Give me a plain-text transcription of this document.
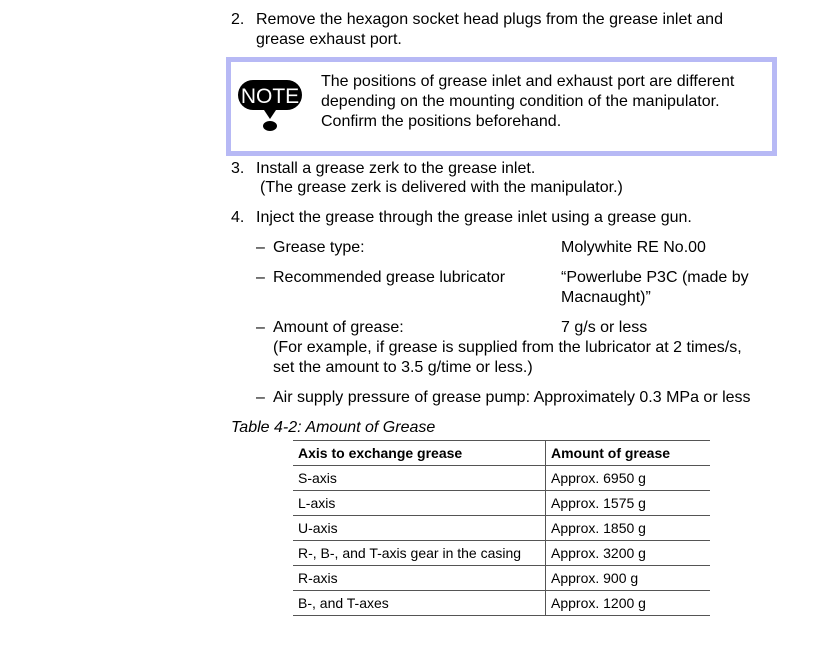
2. Remove the hexagon socket head plugs from the grease inlet and
grease exhaust port.
NOTE
The positions of grease inlet and exhaust port are different
depending on the mounting condition of the manipulator.
Confirm the positions beforehand.
3. Install a grease zerk to the grease inlet.
(The grease zerk is delivered with the manipulator.)
4. Inject the grease through the grease inlet using a grease gun.
– Grease type:	Molywhite RE No.00
– Recommended grease lubricator	“Powerlube P3C (made by
Macnaught)”
– Amount of grease:	7 g/s or less
(For example, if grease is supplied from the lubricator at 2 times/s,
set the amount to 3.5 g/time or less.)
– Air supply pressure of grease pump: Approximately 0.3 MPa or less
Table 4-2: Amount of Grease
Axis to exchange grease	Amount of grease
S-axis	Approx. 6950 g
L-axis	Approx. 1575 g
U-axis	Approx. 1850 g
R-, B-, and T-axis gear in the casing	Approx. 3200 g
R-axis	Approx. 900 g
B-, and T-axes	Approx. 1200 g
